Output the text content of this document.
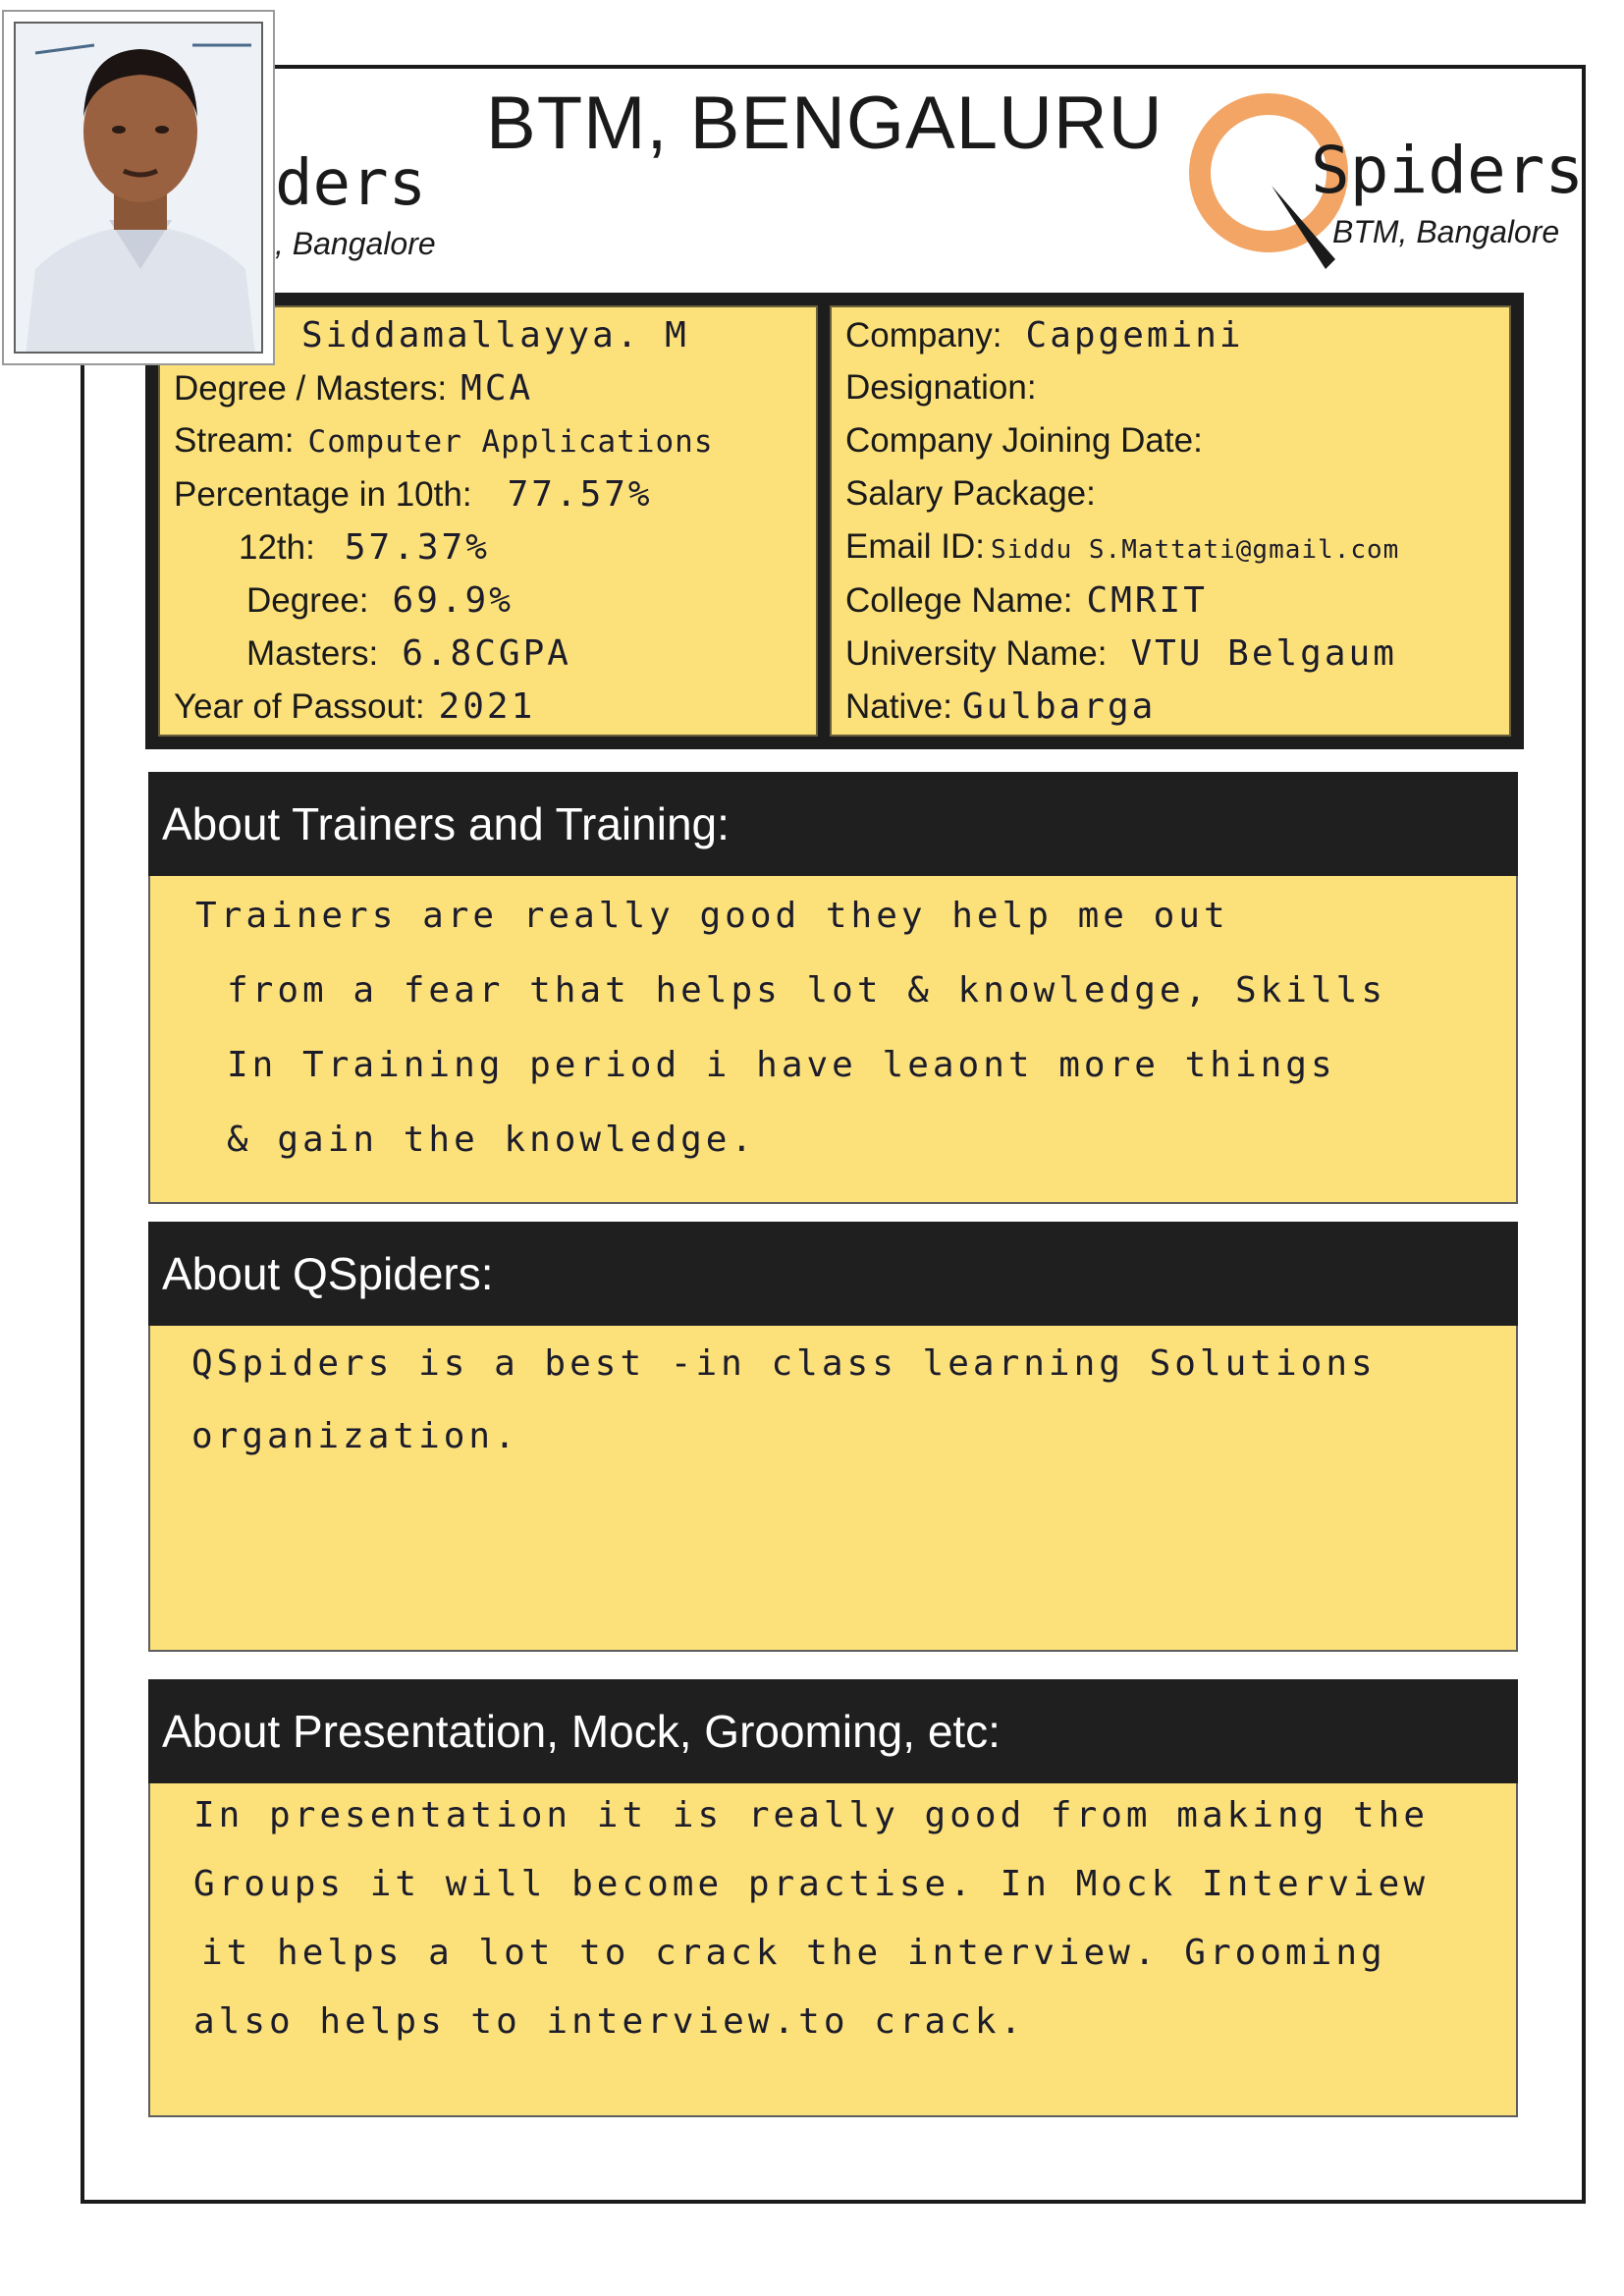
BTM, BENGALURU
ders
, Bangalore
Spiders
BTM, Bangalore
Siddamallayya. M
Degree / Masters: MCA
Stream: Computer Applications
Percentage in 10th: 77.57%
12th: 57.37%
Degree: 69.9%
Masters: 6.8CGPA
Year of Passout: 2021
Company: Capgemini
Designation:
Company Joining Date:
Salary Package:
Email ID: Siddu S.Mattati@gmail.com
College Name: CMRIT
University Name: VTU Belgaum
Native: Gulbarga
About Trainers and Training:
Trainers are really good they help me out
from a fear that helps lot & knowledge, Skills
In Training period i have leaont more things
& gain the knowledge.
About QSpiders:
QSpiders is a best -in class learning Solutions
organization.
About Presentation, Mock, Grooming, etc:
In presentation it is really good from making the
Groups it will become practise. In Mock Interview
it helps a lot to crack the interview. Grooming
also helps to interview.to crack.
